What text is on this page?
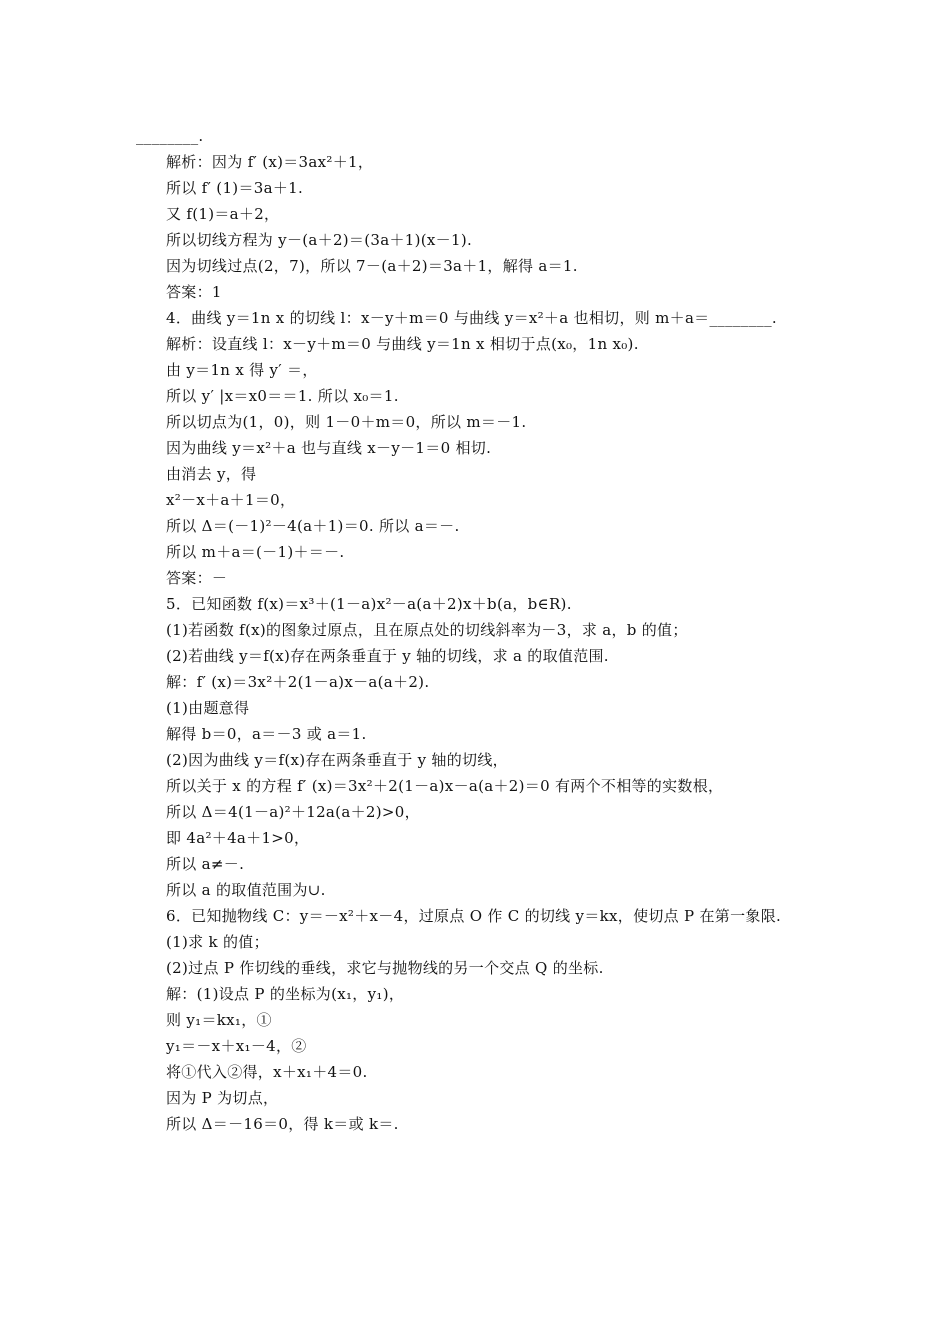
________.
解析：因为 f′ (x)＝3ax²＋1，
所以 f′ (1)＝3a＋1.
又 f(1)＝a＋2，
所以切线方程为 y－(a＋2)＝(3a＋1)(x－1).
因为切线过点(2，7)，所以 7－(a＋2)＝3a＋1，解得 a＝1.
答案：1
4．曲线 y＝1n x 的切线 l：x－y＋m＝0 与曲线 y＝x²＋a 也相切，则 m＋a＝________.
解析：设直线 l：x－y＋m＝0 与曲线 y＝1n x 相切于点(x₀，1n x₀).
由 y＝1n x 得 y′ ＝，
所以 y′ |x＝x0＝＝1. 所以 x₀＝1.
所以切点为(1，0)，则 1－0＋m＝0，所以 m＝－1.
因为曲线 y＝x²＋a 也与直线 x－y－1＝0 相切.
由消去 y，得
x²－x＋a＋1＝0，
所以 Δ＝(－1)²－4(a＋1)＝0. 所以 a＝－.
所以 m＋a＝(－1)＋＝－.
答案：－
5．已知函数 f(x)＝x³＋(1－a)x²－a(a＋2)x＋b(a，b∈R).
(1)若函数 f(x)的图象过原点，且在原点处的切线斜率为－3，求 a，b 的值；
(2)若曲线 y＝f(x)存在两条垂直于 y 轴的切线，求 a 的取值范围.
解：f′ (x)＝3x²＋2(1－a)x－a(a＋2).
(1)由题意得
解得 b＝0，a＝－3 或 a＝1.
(2)因为曲线 y＝f(x)存在两条垂直于 y 轴的切线，
所以关于 x 的方程 f′ (x)＝3x²＋2(1－a)x－a(a＋2)＝0 有两个不相等的实数根，
所以 Δ＝4(1－a)²＋12a(a＋2)>0，
即 4a²＋4a＋1>0，
所以 a≠－.
所以 a 的取值范围为∪.
6．已知抛物线 C：y＝－x²＋x－4，过原点 O 作 C 的切线 y＝kx，使切点 P 在第一象限.
(1)求 k 的值；
(2)过点 P 作切线的垂线，求它与抛物线的另一个交点 Q 的坐标.
解：(1)设点 P 的坐标为(x₁，y₁)，
则 y₁＝kx₁，①
y₁＝－x＋x₁－4，②
将①代入②得，x＋x₁＋4＝0.
因为 P 为切点，
所以 Δ＝－16＝0，得 k＝或 k＝.
